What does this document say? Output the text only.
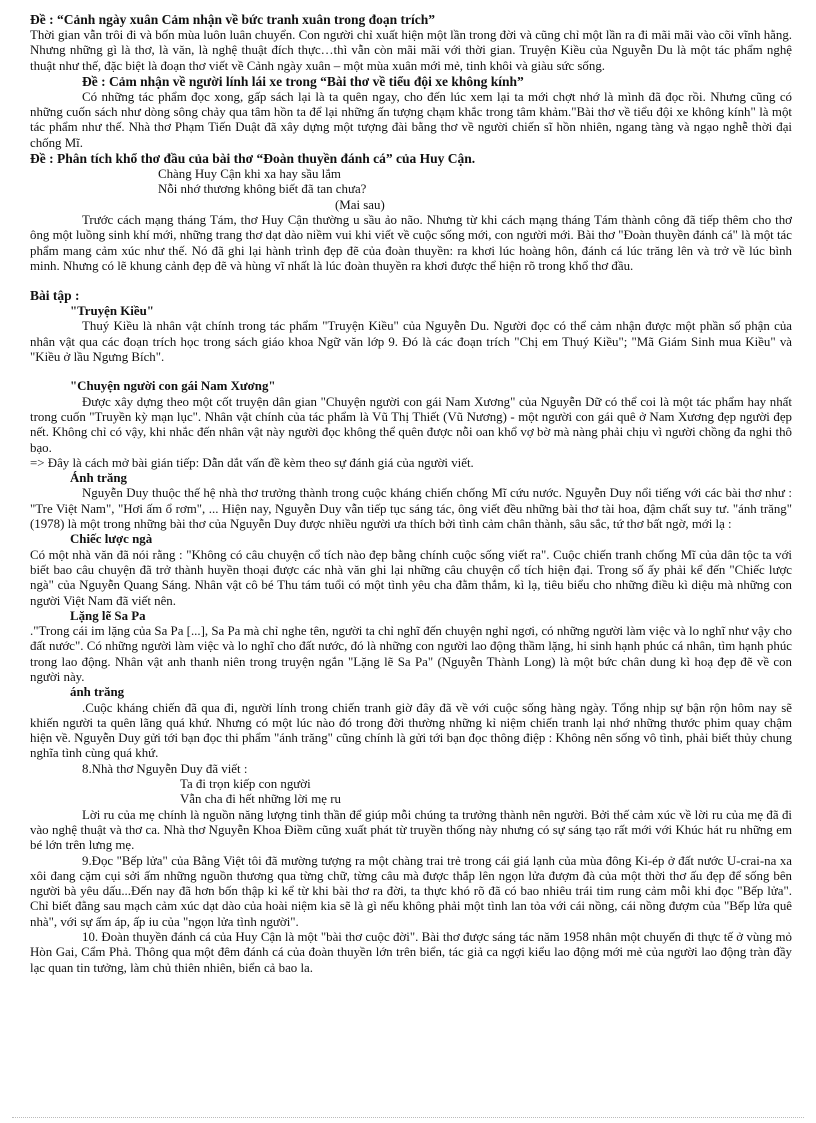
Đề : “Cảnh ngày xuân Cảm nhận về bức tranh xuân trong đoạn trích”

Thời gian vẫn trôi đi và bốn mùa luôn luân chuyển. Con người chỉ xuất hiện một lần trong đời và cũng chỉ một lần ra đi mãi mãi vào cõi vĩnh hằng. Nhưng những gì là thơ, là văn, là nghệ thuật đích thực…thì vẫn còn mãi mãi với thời gian. Truyện Kiều của Nguyễn Du là một tác phẩm nghệ thuật như thế, đặc biệt là đoạn thơ viết về Cảnh ngày xuân – một mùa xuân mới mẻ, tinh khôi và giàu sức sống.

Đề : Cảm nhận về người lính lái xe trong “Bài thơ về tiểu đội xe không kính”

Có những tác phẩm đọc xong, gấp sách lại là ta quên ngay, cho đến lúc xem lại ta mới chợt nhớ là mình đã đọc rồi. Nhưng cũng có những cuốn sách như dòng sông chảy qua tâm hồn ta để lại những ấn tượng chạm khắc trong tâm khảm."Bài thơ về tiểu đội xe không kính" là một tác phẩm như thế. Nhà thơ Phạm Tiến Duật đã xây dựng một tượng đài bằng thơ về người chiến sĩ hồn nhiên, ngang tàng và ngạo nghễ thời đại chống Mĩ.

Đề : Phân tích khổ thơ đầu của bài thơ “Đoàn thuyền đánh cá” của Huy Cận.

Chàng Huy Cận khi xa hay sầu lắm

Nỗi nhớ thương không biết đã tan chưa?

(Mai sau)

Trước cách mạng tháng Tám, thơ Huy Cận thường u sầu ảo não. Nhưng từ khi cách mạng tháng Tám thành công đã tiếp thêm cho thơ ông một luồng sinh khí mới, những trang thơ dạt dào niềm vui khi viết về cuộc sống mới, con người mới. Bài thơ "Đoàn thuyền đánh cá" là một tác phẩm mang cảm xúc như thế. Nó đã ghi lại hành trình đẹp đẽ của đoàn thuyền: ra khơi lúc hoàng hôn, đánh cá lúc trăng lên và trở về lúc bình minh. Nhưng có lẽ khung cảnh đẹp đẽ và hùng vĩ nhất là lúc đoàn thuyền ra khơi được thể hiện rõ trong khổ thơ đầu.

Bài tập :

"Truyện Kiều"

Thuý Kiều là nhân vật chính trong tác phẩm "Truyện Kiều" của Nguyễn Du. Người đọc có thể cảm nhận được một phần số phận của nhân vật qua các đoạn trích học trong sách giáo khoa Ngữ văn lớp 9. Đó là các đoạn trích "Chị em Thuý Kiều"; "Mã Giám Sinh mua Kiều" và "Kiều ở lầu Ngưng Bích".

"Chuyện người con gái Nam Xương"

Được xây dựng theo một cốt truyện dân gian "Chuyện người con gái Nam Xương" của Nguyễn Dữ có thể coi là một tác phẩm hay nhất trong cuốn "Truyền kỳ mạn lục". Nhân vật chính của tác phẩm là Vũ Thị Thiết (Vũ Nương) - một người con gái quê ở Nam Xương đẹp người đẹp nết. Không chỉ có vậy, khi nhắc đến nhân vật này người đọc không thể quên được nỗi oan khổ vợ bờ mà nàng phải chịu vì người chồng đa nghi thô bạo.

=> Đây là cách mở bài gián tiếp: Dẫn dắt vấn đề kèm theo sự đánh giá của người viết.

Ánh trăng

Nguyễn Duy thuộc thế hệ nhà thơ trưởng thành trong cuộc kháng chiến chống Mĩ cứu nước. Nguyễn Duy nổi tiếng với các bài thơ như : "Tre Việt Nam", "Hơi ấm ổ rơm", ... Hiện nay, Nguyễn Duy vẫn tiếp tục sáng tác, ông viết đều những bài thơ tài hoa, đậm chất suy tư. "ánh trăng" (1978) là một trong những bài thơ của Nguyễn Duy được nhiều người ưa thích bởi tình cảm chân thành, sâu sắc, tứ thơ bất ngờ, mới lạ :

Chiếc lược ngà

Có một nhà văn đã nói rằng : "Không có câu chuyện cổ tích nào đẹp bằng chính cuộc sống viết ra". Cuộc chiến tranh chống Mĩ của dân tộc ta với biết bao câu chuyện đã trở thành huyền thoại được các nhà văn ghi lại những câu chuyện cổ tích hiện đại. Trong số ấy phải kể đến "Chiếc lược ngà" của Nguyễn Quang Sáng. Nhân vật cô bé Thu tám tuổi có một tình yêu cha đằm thắm, kì lạ, tiêu biểu cho những điều kì diệu mà những con người Việt Nam đã viết nên.

Lặng lẽ Sa Pa

."Trong cái im lặng của Sa Pa [...], Sa Pa mà chỉ nghe tên, người ta chỉ nghĩ đến chuyện nghỉ ngơi, có những người làm việc và lo nghĩ như vậy cho đất nước". Có những người làm việc và lo nghĩ cho đất nước, đó là những con người lao động thầm lặng, hi sinh hạnh phúc cá nhân, tìm hạnh phúc trong lao động. Nhân vật anh thanh niên trong truyện ngắn "Lặng lẽ Sa Pa" (Nguyễn Thành Long) là một bức chân dung kì hoạ đẹp đẽ về con người này.

ánh trăng

.Cuộc kháng chiến đã qua đi, người lính trong chiến tranh giờ đây đã về với cuộc sống hàng ngày. Tổng nhịp sự bận rộn hôm nay sẽ khiến người ta quên lãng quá khứ. Nhưng có một lúc nào đó trong đời thường những kỉ niệm chiến tranh lại nhớ những thước phim quay chậm hiện về. Nguyễn Duy gửi tới bạn đọc thi phẩm "ánh trăng" cũng chính là gửi tới bạn đọc thông điệp : Không nên sống vô tình, phải biết thủy chung nghĩa tình cùng quá khứ.

8.Nhà thơ Nguyễn Duy đã viết :

Ta đi trọn kiếp con người

Vẫn cha đi hết những lời mẹ ru

Lời ru của mẹ chính là nguồn năng lượng tinh thần để giúp mỗi chúng ta trưởng thành nên người. Bởi thế cảm xúc về lời ru của mẹ đã đi vào nghệ thuật và thơ ca. Nhà thơ Nguyễn Khoa Điềm cũng xuất phát từ truyền thống này nhưng có sự sáng tạo rất mới với Khúc hát ru những em bé lớn trên lưng mẹ.

9.Đọc "Bếp lửa" của Bằng Việt tôi đã mường tượng ra một chàng trai trẻ trong cái giá lạnh của mùa đông Ki-ép ở đất nước U-crai-na xa xôi đang cặm cụi sởi ấm những nguồn thương qua từng chữ, từng câu mà được thắp lên ngọn lửa đượm đà của một thời thơ ấu đẹp để sống bên người bà yêu dấu...Đến nay đã hơn bốn thập kỉ kể từ khi bài thơ ra đời, ta thực khó rõ đã có bao nhiêu trái tim rung cảm mỗi khi đọc "Bếp lửa". Chỉ biết đằng sau mạch cảm xúc dạt dào của hoài niệm kia sẽ là gì nếu không phải một tình lan tỏa với cái nồng, cái nồng đượm của "Bếp lửa quê nhà", với sự ấm áp, ấp iu của "ngọn lửa tình người".

10. Đoàn thuyền đánh cá của Huy Cận là một "bài thơ cuộc đời". Bài thơ được sáng tác năm 1958 nhân một chuyến đi thực tế ở vùng mỏ Hòn Gai, Cẩm Phả. Thông qua một đêm đánh cá của đoàn thuyền lớn trên biển, tác giả ca ngợi kiểu lao động mới mẻ của người lao động tràn đầy lạc quan tin tưởng, làm chủ thiên nhiên, biển cả bao la.
